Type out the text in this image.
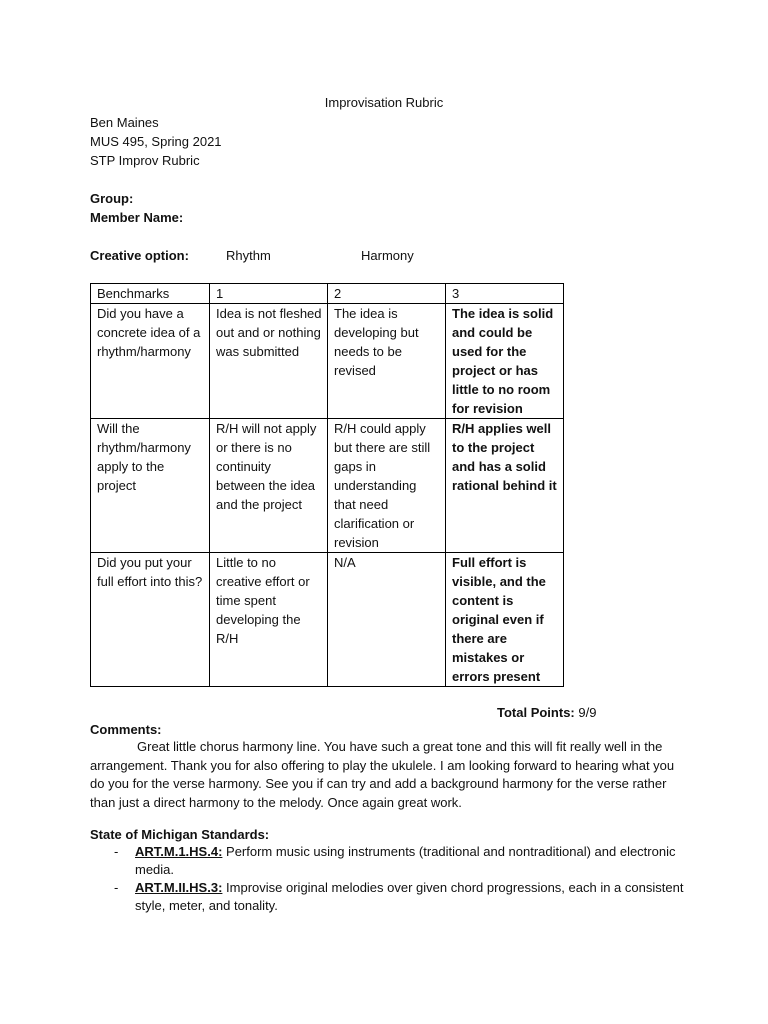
Improvisation Rubric
Ben Maines
MUS 495, Spring 2021
STP Improv Rubric
Group:
Member Name:
Creative option:	Rhythm	Harmony
Benchmarks	1	2	3
Did you have a concrete idea of a rhythm/harmony	Idea is not fleshed out and or nothing was submitted	The idea is developing but needs to be revised	The idea is solid and could be used for the project or has little to no room for revision
Will the rhythm/harmony apply to the project	R/H will not apply or there is no continuity between the idea and the project	R/H could apply but there are still gaps in understanding that need clarification or revision	R/H applies well to the project and has a solid rational behind it
Did you put your full effort into this?	Little to no creative effort or time spent developing the R/H	N/A	Full effort is visible, and the content is original even if there are mistakes or errors present
Total Points: 9/9
Comments:
Great little chorus harmony line. You have such a great tone and this will fit really well in the arrangement. Thank you for also offering to play the ukulele. I am looking forward to hearing what you do you for the verse harmony. See you if can try and add a background harmony for the verse rather than just a direct harmony to the melody. Once again great work.
State of Michigan Standards:
- ART.M.1.HS.4: Perform music using instruments (traditional and nontraditional) and electronic media.
- ART.M.II.HS.3: Improvise original melodies over given chord progressions, each in a consistent style, meter, and tonality.
